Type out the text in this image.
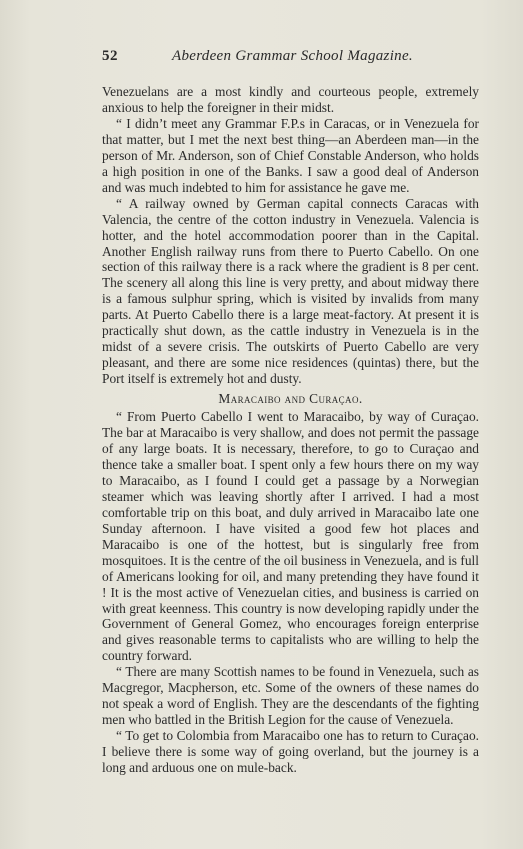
52	Aberdeen Grammar School Magazine.

Venezuelans are a most kindly and courteous people, extremely anxious to help the foreigner in their midst.

“ I didn’t meet any Grammar F.P.s in Caracas, or in Venezuela for that matter, but I met the next best thing—an Aberdeen man—in the person of Mr. Anderson, son of Chief Constable Anderson, who holds a high position in one of the Banks. I saw a good deal of Anderson and was much indebted to him for assistance he gave me.

“ A railway owned by German capital connects Caracas with Valencia, the centre of the cotton industry in Venezuela. Valencia is hotter, and the hotel accommodation poorer than in the Capital. Another English railway runs from there to Puerto Cabello. On one section of this railway there is a rack where the gradient is 8 per cent. The scenery all along this line is very pretty, and about midway there is a famous sulphur spring, which is visited by invalids from many parts. At Puerto Cabello there is a large meat-factory. At present it is practically shut down, as the cattle industry in Venezuela is in the midst of a severe crisis. The outskirts of Puerto Cabello are very pleasant, and there are some nice residences (quintas) there, but the Port itself is extremely hot and dusty.

Maracaibo and Curaçao.

“ From Puerto Cabello I went to Maracaibo, by way of Curaçao. The bar at Maracaibo is very shallow, and does not permit the passage of any large boats. It is necessary, therefore, to go to Curaçao and thence take a smaller boat. I spent only a few hours there on my way to Maracaibo, as I found I could get a passage by a Norwegian steamer which was leaving shortly after I arrived. I had a most comfortable trip on this boat, and duly arrived in Maracaibo late one Sunday afternoon. I have visited a good few hot places and Maracaibo is one of the hottest, but is singularly free from mosquitoes. It is the centre of the oil business in Venezuela, and is full of Americans looking for oil, and many pretending they have found it ! It is the most active of Venezuelan cities, and business is carried on with great keenness. This country is now developing rapidly under the Government of General Gomez, who encourages foreign enterprise and gives reasonable terms to capitalists who are willing to help the country forward.

“ There are many Scottish names to be found in Venezuela, such as Macgregor, Macpherson, etc. Some of the owners of these names do not speak a word of English. They are the descendants of the fighting men who battled in the British Legion for the cause of Venezuela.

“ To get to Colombia from Maracaibo one has to return to Curaçao. I believe there is some way of going overland, but the journey is a long and arduous one on mule-back.
